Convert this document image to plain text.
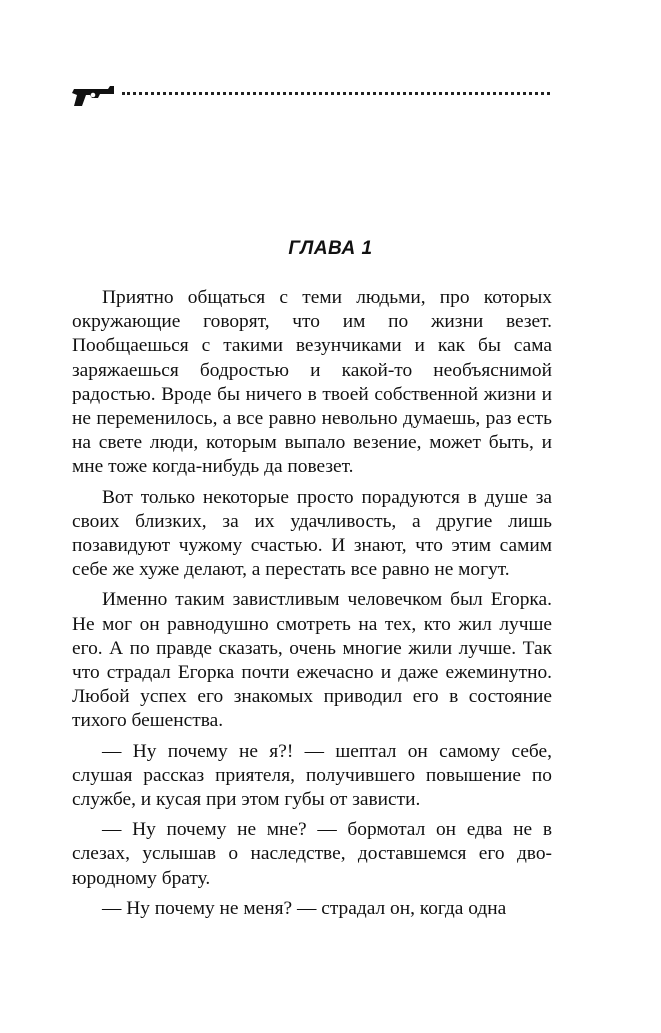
ГЛАВА 1

Приятно общаться с теми людьми, про которых окружающие говорят, что им по жизни везет. Пообщаешься с такими везунчиками и как бы сама заряжаешься бодростью и какой-то необъяснимой радостью. Вроде бы ничего в твоей собственной жизни и не переменилось, а все равно невольно думаешь, раз есть на свете люди, которым выпало везение, может быть, и мне тоже когда-нибудь да повезет.

Вот только некоторые просто порадуются в душе за своих близких, за их удачливость, а другие лишь позавидуют чужому счастью. И знают, что этим самим себе же хуже делают, а перестать все равно не могут.

Именно таким завистливым человечком был Егорка. Не мог он равнодушно смотреть на тех, кто жил лучше его. А по правде сказать, очень многие жили лучше. Так что страдал Егорка почти ежечасно и даже ежеминутно. Любой успех его знакомых приводил его в состояние тихого бешенства.

— Ну почему не я?! — шептал он самому себе, слушая рассказ приятеля, получившего повышение по службе, и кусая при этом губы от зависти.

— Ну почему не мне? — бормотал он едва не в слезах, услышав о наследстве, доставшемся его двоюродному брату.

— Ну почему не меня? — страдал он, когда одна
